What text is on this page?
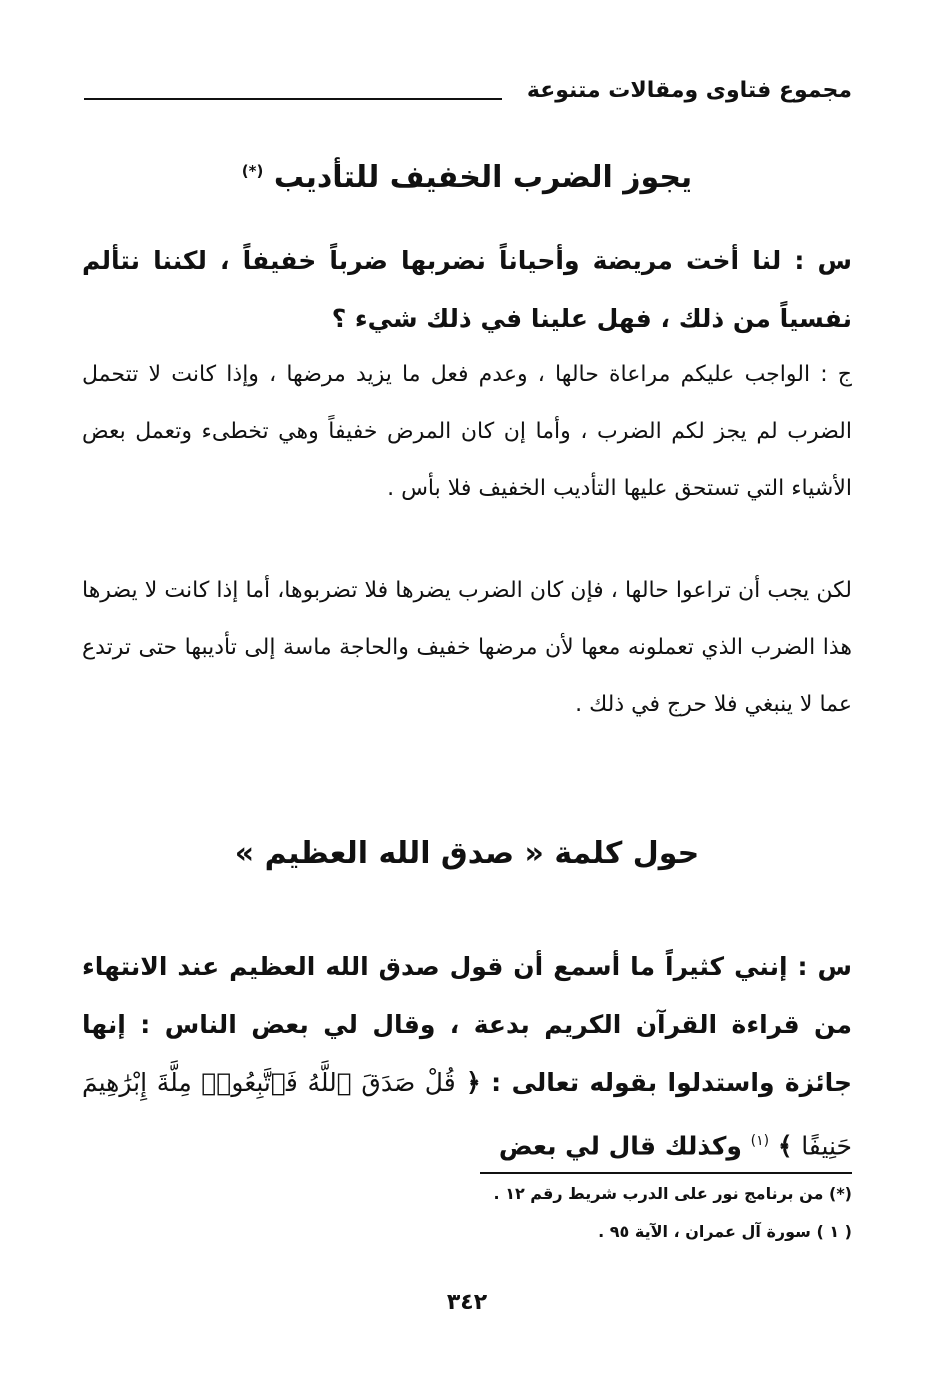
مجموع فتاوى ومقالات متنوعة
يجوز الضرب الخفيف للتأديب (*)
س : لنا أخت مريضة وأحياناً نضربها ضرباً خفيفاً ، لكننا نتألم نفسياً من ذلك ، فهل علينا في ذلك شيء ؟
ج : الواجب عليكم مراعاة حالها ، وعدم فعل ما يزيد مرضها ، وإذا كانت لا تتحمل الضرب لم يجز لكم الضرب ، وأما إن كان المرض خفيفاً وهي تخطىء وتعمل بعض الأشياء التي تستحق عليها التأديب الخفيف فلا بأس .
لكن يجب أن تراعوا حالها ، فإن كان الضرب يضرها فلا تضربوها، أما إذا كانت لا يضرها هذا الضرب الذي تعملونه معها لأن مرضها خفيف والحاجة ماسة إلى تأديبها حتى ترتدع عما لا ينبغي فلا حرج في ذلك .
حول كلمة « صدق الله العظيم »
س : إنني كثيراً ما أسمع أن قول صدق الله العظيم عند الانتهاء من قراءة القرآن الكريم بدعة ، وقال لي بعض الناس : إنها جائزة واستدلوا بقوله تعالى : ﴿ قُلْ صَدَقَ ٱللَّهُ فَٱتَّبِعُوا۟ مِلَّةَ إِبْرَٰهِيمَ حَنِيفًا ﴾ $^{(١)}$ وكذلك قال لي بعض
(*) من برنامج نور على الدرب شريط رقم ١٢ .
( ١ ) سورة آل عمران ، الآية ٩٥ .
٣٤٢
